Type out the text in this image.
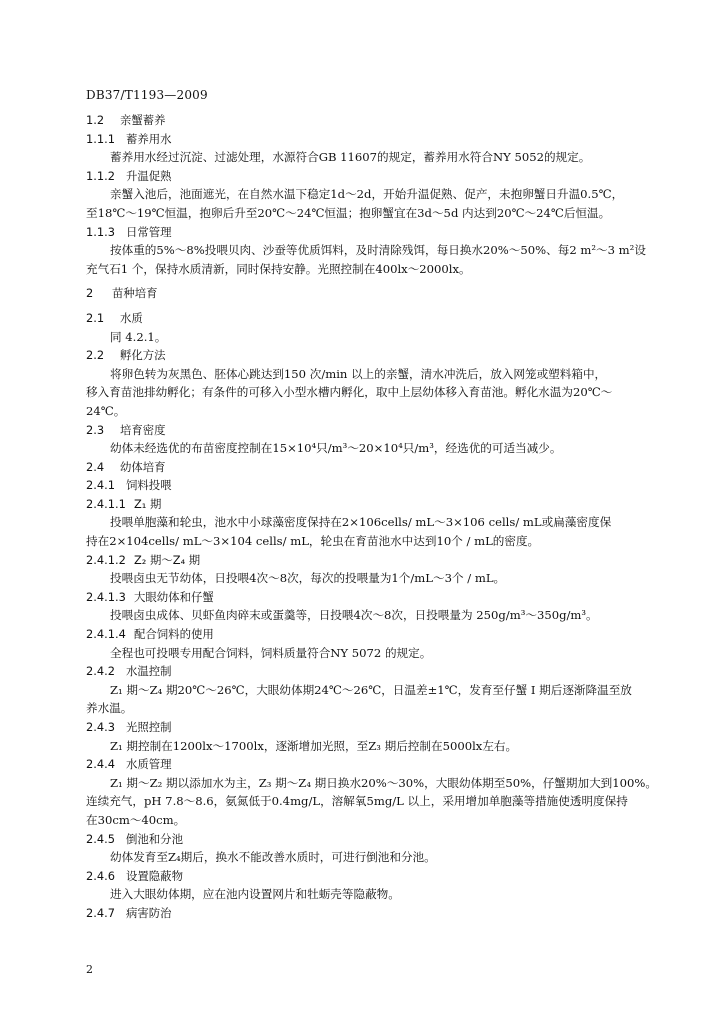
DB37/T1193—2009
1.2 亲蟹蓄养
1.1.1 蓄养用水
蓄养用水经过沉淀、过滤处理，水源符合GB 11607的规定，蓄养用水符合NY 5052的规定。
1.1.2 升温促熟
亲蟹入池后，池面遮光，在自然水温下稳定1d～2d，开始升温促熟、促产，未抱卵蟹日升温0.5℃，
至18℃～19℃恒温，抱卵后升至20℃～24℃恒温；抱卵蟹宜在3d～5d 内达到20℃～24℃后恒温。
1.1.3 日常管理
按体重的5%～8%投喂贝肉、沙蚕等优质饵料，及时清除残饵，每日换水20%～50%、每2 m²～3 m²设
充气石1 个，保持水质清新，同时保持安静。光照控制在400lx～2000lx。
2 苗种培育
2.1 水质
同 4.2.1。
2.2 孵化方法
将卵色转为灰黑色、胚体心跳达到150 次/min 以上的亲蟹，清水冲洗后，放入网笼或塑料箱中，
移入育苗池排幼孵化；有条件的可移入小型水槽内孵化，取中上层幼体移入育苗池。孵化水温为20℃～
24℃。
2.3 培育密度
幼体未经选优的布苗密度控制在15×10⁴只/m³～20×10⁴只/m³，经选优的可适当减少。
2.4 幼体培育
2.4.1 饲料投喂
2.4.1.1 Z₁ 期
投喂单胞藻和轮虫，池水中小球藻密度保持在2×106cells/ mL～3×106 cells/ mL或扁藻密度保
持在2×104cells/ mL～3×104 cells/ mL，轮虫在育苗池水中达到10个 / mL的密度。
2.4.1.2 Z₂ 期～Z₄ 期
投喂卤虫无节幼体，日投喂4次～8次，每次的投喂量为1个/mL～3个 / mL。
2.4.1.3 大眼幼体和仔蟹
投喂卤虫成体、贝虾鱼肉碎末或蛋羹等，日投喂4次～8次，日投喂量为 250g/m³～350g/m³。
2.4.1.4 配合饲料的使用
全程也可投喂专用配合饲料，饲料质量符合NY 5072 的规定。
2.4.2 水温控制
Z₁ 期～Z₄ 期20℃～26℃，大眼幼体期24℃～26℃，日温差±1℃，发育至仔蟹 I 期后逐渐降温至放
养水温。
2.4.3 光照控制
Z₁ 期控制在1200lx～1700lx，逐渐增加光照，至Z₃ 期后控制在5000lx左右。
2.4.4 水质管理
Z₁ 期～Z₂ 期以添加水为主，Z₃ 期～Z₄ 期日换水20%～30%，大眼幼体期至50%，仔蟹期加大到100%。
连续充气，pH 7.8～8.6，氨氮低于0.4mg/L，溶解氧5mg/L 以上，采用增加单胞藻等措施使透明度保持
在30cm～40cm。
2.4.5 倒池和分池
幼体发育至Z₄期后，换水不能改善水质时，可进行倒池和分池。
2.4.6 设置隐蔽物
进入大眼幼体期，应在池内设置网片和牡蛎壳等隐蔽物。
2.4.7 病害防治
2
